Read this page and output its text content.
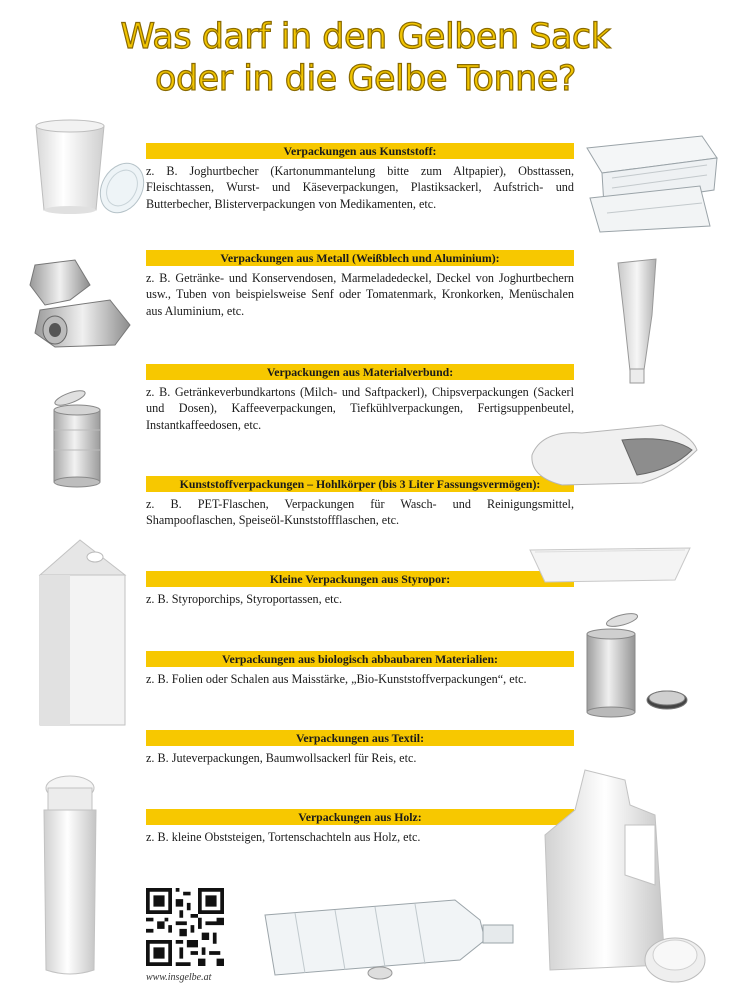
Was darf in den Gelben Sack
oder in die Gelbe Tonne?
Verpackungen aus Kunststoff:
z. B. Joghurtbecher (Kartonummantelung bitte zum Altpapier), Obsttassen, Fleischtassen, Wurst- und Käseverpackungen, Plastiksackerl, Aufstrich- und Butterbecher, Blisterverpackungen von Medikamenten, etc.
Verpackungen aus Metall (Weißblech und Aluminium):
z. B. Getränke- und Konservendosen, Marmeladedeckel, Deckel von Joghurtbechern usw., Tuben von beispielsweise Senf oder Tomatenmark, Kronkorken, Menüschalen aus Aluminium, etc.
Verpackungen aus Materialverbund:
z. B. Getränkeverbundkartons (Milch- und Saftpackerl), Chipsverpackungen (Sackerl und Dosen), Kaffeeverpackungen, Tiefkühlverpackungen, Fertigsuppenbeutel, Instantkaffeedosen, etc.
Kunststoffverpackungen – Hohlkörper (bis 3 Liter Fassungsvermögen):
z. B. PET-Flaschen, Verpackungen für Wasch- und Reinigungsmittel, Shampooflaschen, Speiseöl-Kunststoffflaschen, etc.
Kleine Verpackungen aus Styropor:
z. B. Styroporchips, Styroportassen, etc.
Verpackungen aus biologisch abbaubaren Materialien:
z. B. Folien oder Schalen aus Maisstärke, „Bio-Kunststoffverpackungen“, etc.
Verpackungen aus Textil:
z. B. Juteverpackungen, Baumwollsackerl für Reis, etc.
Verpackungen aus Holz:
z. B. kleine Obststeigen, Tortenschachteln aus Holz, etc.
www.insgelbe.at
